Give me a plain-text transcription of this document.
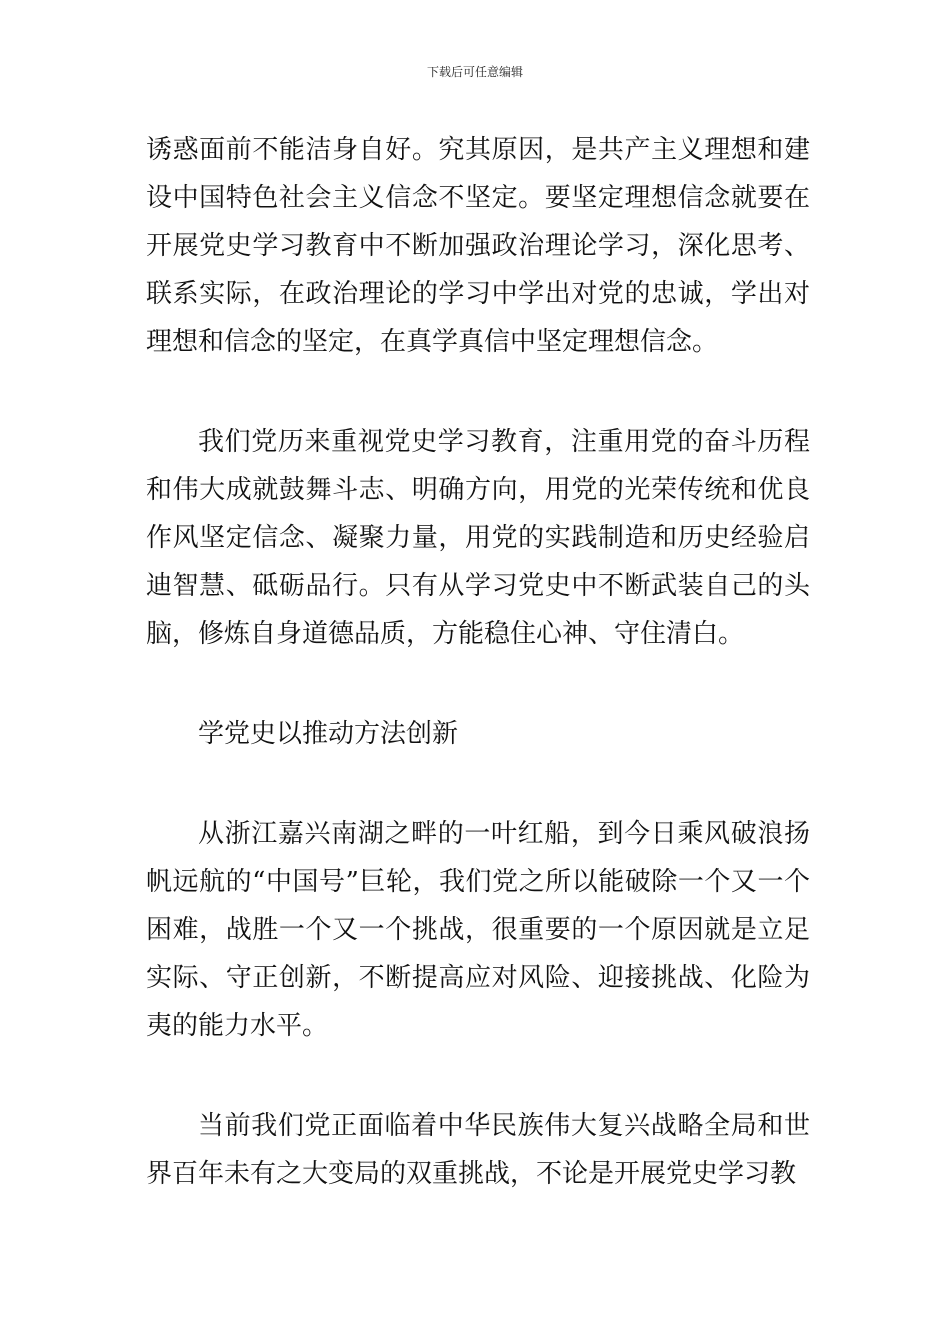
下载后可任意编辑

诱惑面前不能洁身自好。究其原因，是共产主义理想和建设中国特色社会主义信念不坚定。要坚定理想信念就要在开展党史学习教育中不断加强政治理论学习，深化思考、联系实际，在政治理论的学习中学出对党的忠诚，学出对理想和信念的坚定，在真学真信中坚定理想信念。

我们党历来重视党史学习教育，注重用党的奋斗历程和伟大成就鼓舞斗志、明确方向，用党的光荣传统和优良作风坚定信念、凝聚力量，用党的实践制造和历史经验启迪智慧、砥砺品行。只有从学习党史中不断武装自己的头脑，修炼自身道德品质，方能稳住心神、守住清白。

学党史以推动方法创新

从浙江嘉兴南湖之畔的一叶红船，到今日乘风破浪扬帆远航的“中国号”巨轮，我们党之所以能破除一个又一个困难，战胜一个又一个挑战，很重要的一个原因就是立足实际、守正创新，不断提高应对风险、迎接挑战、化险为夷的能力水平。

当前我们党正面临着中华民族伟大复兴战略全局和世界百年未有之大变局的双重挑战，不论是开展党史学习教
